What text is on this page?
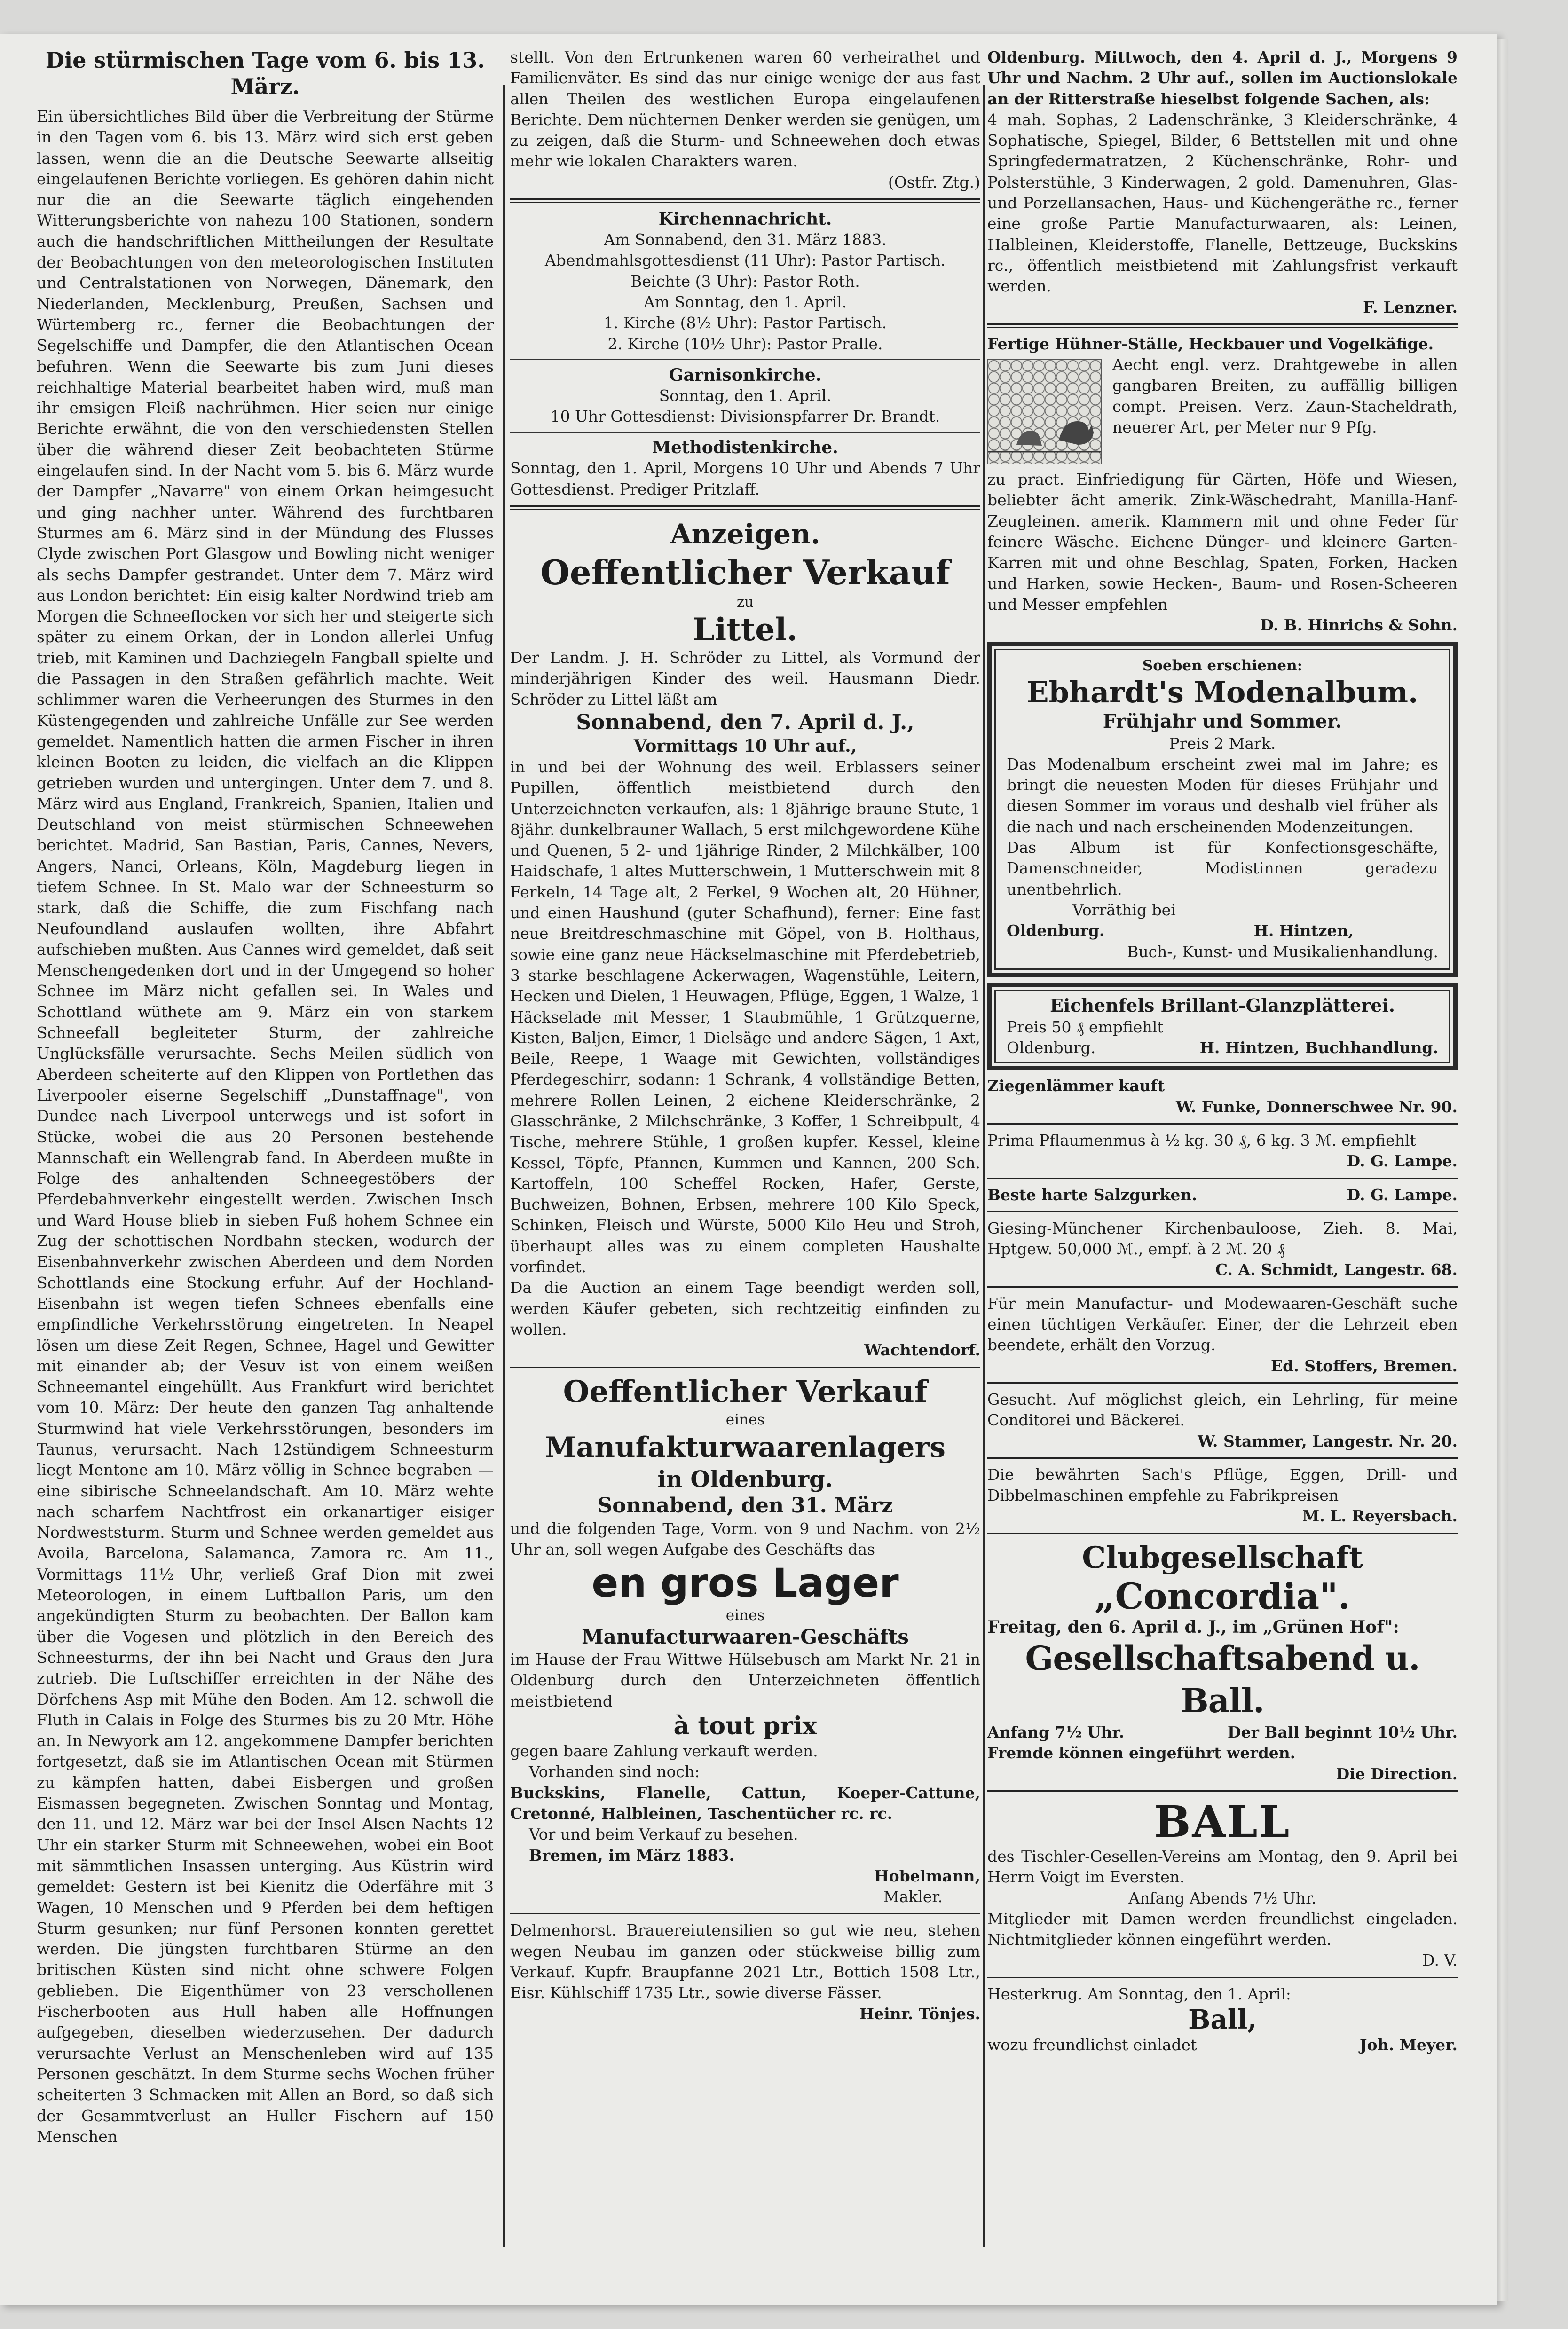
Die stürmischen Tage vom 6. bis 13. März.

Ein übersichtliches Bild über die Verbreitung der Stürme in den Tagen vom 6. bis 13. März wird sich erst geben lassen, wenn die an die Deutsche Seewarte allseitig eingelaufenen Berichte vorliegen. Es gehören dahin nicht nur die an die Seewarte täglich eingehenden Witterungsberichte von nahezu 100 Stationen, sondern auch die handschriftlichen Mittheilungen der Resultate der Beobachtungen von den meteorologischen Instituten und Centralstationen von Norwegen, Dänemark, den Niederlanden, Mecklenburg, Preußen, Sachsen und Würtemberg rc., ferner die Beobachtungen der Segelschiffe und Dampfer, die den Atlantischen Ocean befuhren. Wenn die Seewarte bis zum Juni dieses reichhaltige Material bearbeitet haben wird, muß man ihr emsigen Fleiß nachrühmen. Hier seien nur einige Berichte erwähnt, die von den verschiedensten Stellen über die während dieser Zeit beobachteten Stürme eingelaufen sind. In der Nacht vom 5. bis 6. März wurde der Dampfer „Navarre" von einem Orkan heimgesucht und ging nachher unter. Während des furchtbaren Sturmes am 6. März sind in der Mündung des Flusses Clyde zwischen Port Glasgow und Bowling nicht weniger als sechs Dampfer gestrandet. Unter dem 7. März wird aus London berichtet: Ein eisig kalter Nordwind trieb am Morgen die Schneeflocken vor sich her und steigerte sich später zu einem Orkan, der in London allerlei Unfug trieb, mit Kaminen und Dachziegeln Fangball spielte und die Passagen in den Straßen gefährlich machte. Weit schlimmer waren die Verheerungen des Sturmes in den Küstengegenden und zahlreiche Unfälle zur See werden gemeldet. Namentlich hatten die armen Fischer in ihren kleinen Booten zu leiden, die vielfach an die Klippen getrieben wurden und untergingen. Unter dem 7. und 8. März wird aus England, Frankreich, Spanien, Italien und Deutschland von meist stürmischen Schneewehen berichtet. Madrid, San Bastian, Paris, Cannes, Nevers, Angers, Nanci, Orleans, Köln, Magdeburg liegen in tiefem Schnee. In St. Malo war der Schneesturm so stark, daß die Schiffe, die zum Fischfang nach Neufoundland auslaufen wollten, ihre Abfahrt aufschieben mußten. Aus Cannes wird gemeldet, daß seit Menschengedenken dort und in der Umgegend so hoher Schnee im März nicht gefallen sei. In Wales und Schottland wüthete am 9. März ein von starkem Schneefall begleiteter Sturm, der zahlreiche Unglücksfälle verursachte. Sechs Meilen südlich von Aberdeen scheiterte auf den Klippen von Portlethen das Liverpooler eiserne Segelschiff „Dunstaffnage", von Dundee nach Liverpool unterwegs und ist sofort in Stücke, wobei die aus 20 Personen bestehende Mannschaft ein Wellengrab fand. In Aberdeen mußte in Folge des anhaltenden Schneegestöbers der Pferdebahnverkehr eingestellt werden. Zwischen Insch und Ward House blieb in sieben Fuß hohem Schnee ein Zug der schottischen Nordbahn stecken, wodurch der Eisenbahnverkehr zwischen Aberdeen und dem Norden Schottlands eine Stockung erfuhr. Auf der Hochland-Eisenbahn ist wegen tiefen Schnees ebenfalls eine empfindliche Verkehrsstörung eingetreten. In Neapel lösen um diese Zeit Regen, Schnee, Hagel und Gewitter mit einander ab; der Vesuv ist von einem weißen Schneemantel eingehüllt. Aus Frankfurt wird berichtet vom 10. März: Der heute den ganzen Tag anhaltende Sturmwind hat viele Verkehrsstörungen, besonders im Taunus, verursacht. Nach 12stündigem Schneesturm liegt Mentone am 10. März völlig in Schnee begraben — eine sibirische Schneelandschaft. Am 10. März wehte nach scharfem Nachtfrost ein orkanartiger eisiger Nordweststurm. Sturm und Schnee werden gemeldet aus Avoila, Barcelona, Salamanca, Zamora rc. Am 11., Vormittags 11½ Uhr, verließ Graf Dion mit zwei Meteorologen, in einem Luftballon Paris, um den angekündigten Sturm zu beobachten. Der Ballon kam über die Vogesen und plötzlich in den Bereich des Schneesturms, der ihn bei Nacht und Graus den Jura zutrieb. Die Luftschiffer erreichten in der Nähe des Dörfchens Asp mit Mühe den Boden. Am 12. schwoll die Fluth in Calais in Folge des Sturmes bis zu 20 Mtr. Höhe an. In Newyork am 12. angekommene Dampfer berichten fortgesetzt, daß sie im Atlantischen Ocean mit Stürmen zu kämpfen hatten, dabei Eisbergen und großen Eismassen begegneten. Zwischen Sonntag und Montag, den 11. und 12. März war bei der Insel Alsen Nachts 12 Uhr ein starker Sturm mit Schneewehen, wobei ein Boot mit sämmtlichen Insassen unterging. Aus Küstrin wird gemeldet: Gestern ist bei Kienitz die Oderfähre mit 3 Wagen, 10 Menschen und 9 Pferden bei dem heftigen Sturm gesunken; nur fünf Personen konnten gerettet werden. Die jüngsten furchtbaren Stürme an den britischen Küsten sind nicht ohne schwere Folgen geblieben. Die Eigenthümer von 23 verschollenen Fischerbooten aus Hull haben alle Hoffnungen aufgegeben, dieselben wiederzusehen. Der dadurch verursachte Verlust an Menschenleben wird auf 135 Personen geschätzt. In dem Sturme sechs Wochen früher scheiterten 3 Schmacken mit Allen an Bord, so daß sich der Gesammtverlust an Huller Fischern auf 150 Menschen

stellt. Von den Ertrunkenen waren 60 verheirathet und Familienväter. Es sind das nur einige wenige der aus fast allen Theilen des westlichen Europa eingelaufenen Berichte. Dem nüchternen Denker werden sie genügen, um zu zeigen, daß die Sturm- und Schneewehen doch etwas mehr wie lokalen Charakters waren.

(Ostfr. Ztg.)

Kirchennachricht.

Am Sonnabend, den 31. März 1883.

Abendmahlsgottesdienst (11 Uhr): Pastor Partisch.

Beichte (3 Uhr): Pastor Roth.

Am Sonntag, den 1. April.

1. Kirche (8½ Uhr): Pastor Partisch.

2. Kirche (10½ Uhr): Pastor Pralle.

Garnisonkirche.

Sonntag, den 1. April.

10 Uhr Gottesdienst: Divisionspfarrer Dr. Brandt.

Methodistenkirche.

Sonntag, den 1. April, Morgens 10 Uhr und Abends 7 Uhr Gottesdienst. Prediger Pritzlaff.

Anzeigen.

Oeffentlicher Verkauf

zu

Littel.

Der Landm. J. H. Schröder zu Littel, als Vormund der minderjährigen Kinder des weil. Hausmann Diedr. Schröder zu Littel läßt am

Sonnabend, den 7. April d. J.,

Vormittags 10 Uhr auf.,

in und bei der Wohnung des weil. Erblassers seiner Pupillen, öffentlich meistbietend durch den Unterzeichneten verkaufen, als: 1 8jährige braune Stute, 1 8jähr. dunkelbrauner Wallach, 5 erst milchgewordene Kühe und Quenen, 5 2- und 1jährige Rinder, 2 Milchkälber, 100 Haidschafe, 1 altes Mutterschwein, 1 Mutterschwein mit 8 Ferkeln, 14 Tage alt, 2 Ferkel, 9 Wochen alt, 20 Hühner, und einen Haushund (guter Schafhund), ferner: Eine fast neue Breitdreschmaschine mit Göpel, von B. Holthaus, sowie eine ganz neue Häckselmaschine mit Pferdebetrieb, 3 starke beschlagene Ackerwagen, Wagenstühle, Leitern, Hecken und Dielen, 1 Heuwagen, Pflüge, Eggen, 1 Walze, 1 Häckselade mit Messer, 1 Staubmühle, 1 Grützquerne, Kisten, Baljen, Eimer, 1 Dielsäge und andere Sägen, 1 Axt, Beile, Reepe, 1 Waage mit Gewichten, vollständiges Pferdegeschirr, sodann: 1 Schrank, 4 vollständige Betten, mehrere Rollen Leinen, 2 eichene Kleiderschränke, 2 Glasschränke, 2 Milchschränke, 3 Koffer, 1 Schreibpult, 4 Tische, mehrere Stühle, 1 großen kupfer. Kessel, kleine Kessel, Töpfe, Pfannen, Kummen und Kannen, 200 Sch. Kartoffeln, 100 Scheffel Rocken, Hafer, Gerste, Buchweizen, Bohnen, Erbsen, mehrere 100 Kilo Speck, Schinken, Fleisch und Würste, 5000 Kilo Heu und Stroh, überhaupt alles was zu einem completen Haushalte vorfindet.

Da die Auction an einem Tage beendigt werden soll, werden Käufer gebeten, sich rechtzeitig einfinden zu wollen.

Wachtendorf.

Oeffentlicher Verkauf

eines

Manufakturwaarenlagers

in Oldenburg.

Sonnabend, den 31. März

und die folgenden Tage, Vorm. von 9 und Nachm. von 2½ Uhr an, soll wegen Aufgabe des Geschäfts das

en gros Lager

eines

Manufacturwaaren-Geschäfts

im Hause der Frau Wittwe Hülsebusch am Markt Nr. 21 in Oldenburg durch den Unterzeichneten öffentlich meistbietend

à tout prix

gegen baare Zahlung verkauft werden.

Vorhanden sind noch:

Buckskins, Flanelle, Cattun, Koeper-Cattune, Cretonné, Halbleinen, Taschentücher rc. rc.

Vor und beim Verkauf zu besehen.

Bremen, im März 1883.

Hobelmann,

Makler.

Delmenhorst. Brauereiutensilien so gut wie neu, stehen wegen Neubau im ganzen oder stückweise billig zum Verkauf. Kupfr. Braupfanne 2021 Ltr., Bottich 1508 Ltr., Eisr. Kühlschiff 1735 Ltr., sowie diverse Fässer.

Heinr. Tönjes.

Oldenburg. Mittwoch, den 4. April d. J., Morgens 9 Uhr und Nachm. 2 Uhr auf., sollen im Auctionslokale an der Ritterstraße hieselbst folgende Sachen, als:

4 mah. Sophas, 2 Ladenschränke, 3 Kleiderschränke, 4 Sophatische, Spiegel, Bilder, 6 Bettstellen mit und ohne Springfedermatratzen, 2 Küchenschränke, Rohr- und Polsterstühle, 3 Kinderwagen, 2 gold. Damenuhren, Glas- und Porzellansachen, Haus- und Küchengeräthe rc., ferner eine große Partie Manufacturwaaren, als: Leinen, Halbleinen, Kleiderstoffe, Flanelle, Bettzeuge, Buckskins rc., öffentlich meistbietend mit Zahlungsfrist verkauft werden.

F. Lenzner.

Fertige Hühner-Ställe, Heckbauer und Vogelkäfige.

Aecht engl. verz. Drahtgewebe in allen gangbaren Breiten, zu auffällig billigen compt. Preisen. Verz. Zaun-Stacheldrath, neuerer Art, per Meter nur 9 Pfg.

zu pract. Einfriedigung für Gärten, Höfe und Wiesen, beliebter ächt amerik. Zink-Wäschedraht, Manilla-Hanf-Zeugleinen. amerik. Klammern mit und ohne Feder für feinere Wäsche. Eichene Dünger- und kleinere Garten-Karren mit und ohne Beschlag, Spaten, Forken, Hacken und Harken, sowie Hecken-, Baum- und Rosen-Scheeren und Messer empfehlen

D. B. Hinrichs & Sohn.

Soeben erschienen:

Ebhardt's Modenalbum.

Frühjahr und Sommer.

Preis 2 Mark.

Das Modenalbum erscheint zwei mal im Jahre; es bringt die neuesten Moden für dieses Frühjahr und diesen Sommer im voraus und deshalb viel früher als die nach und nach erscheinenden Modenzeitungen.

Das Album ist für Konfectionsgeschäfte, Damenschneider, Modistinnen geradezu unentbehrlich.

Vorräthig bei

Oldenburg.	H. Hintzen,

Buch-, Kunst- und Musikalienhandlung.

Eichenfels Brillant-Glanzplätterei.

Preis 50 ₰ empfiehlt

Oldenburg.	H. Hintzen, Buchhandlung.

Ziegenlämmer kauft

W. Funke, Donnerschwee Nr. 90.

Prima Pflaumenmus à ½ kg. 30 ₰, 6 kg. 3 ℳ. empfiehlt

D. G. Lampe.

Beste harte Salzgurken.	D. G. Lampe.

Giesing-Münchener Kirchenbauloose, Zieh. 8. Mai, Hptgew. 50,000 ℳ., empf. à 2 ℳ. 20 ₰

C. A. Schmidt, Langestr. 68.

Für mein Manufactur- und Modewaaren-Geschäft suche einen tüchtigen Verkäufer. Einer, der die Lehrzeit eben beendete, erhält den Vorzug.

Ed. Stoffers, Bremen.

Gesucht. Auf möglichst gleich, ein Lehrling, für meine Conditorei und Bäckerei.

W. Stammer, Langestr. Nr. 20.

Die bewährten Sach's Pflüge, Eggen, Drill- und Dibbelmaschinen empfehle zu Fabrikpreisen

M. L. Reyersbach.

Clubgesellschaft

„Concordia".

Freitag, den 6. April d. J., im „Grünen Hof":

Gesellschaftsabend u. Ball.

Anfang 7½ Uhr.	Der Ball beginnt 10½ Uhr.

Fremde können eingeführt werden.

Die Direction.

BALL

des Tischler-Gesellen-Vereins am Montag, den 9. April bei Herrn Voigt im Eversten.

Anfang Abends 7½ Uhr.

Mitglieder mit Damen werden freundlichst eingeladen. Nichtmitglieder können eingeführt werden.

D. V.

Hesterkrug. Am Sonntag, den 1. April:

Ball,

wozu freundlichst einladet	Joh. Meyer.
